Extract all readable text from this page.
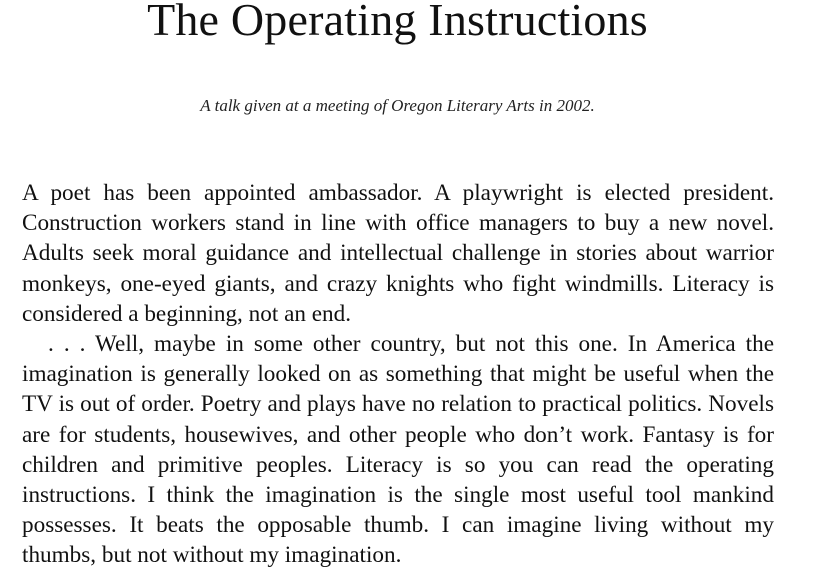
The Operating Instructions

A talk given at a meeting of Oregon Literary Arts in 2002.

A poet has been appointed ambassador. A playwright is elected president. Construction workers stand in line with office managers to buy a new novel. Adults seek moral guidance and intellectual challenge in stories about warrior monkeys, one-eyed giants, and crazy knights who fight windmills. Literacy is considered a beginning, not an end.

. . . Well, maybe in some other country, but not this one. In America the imagination is generally looked on as something that might be useful when the TV is out of order. Poetry and plays have no relation to practical politics. Novels are for students, housewives, and other people who don’t work. Fantasy is for children and primitive peoples. Literacy is so you can read the operating instructions. I think the imagination is the single most useful tool mankind possesses. It beats the opposable thumb. I can imagine living without my thumbs, but not without my imagination.
